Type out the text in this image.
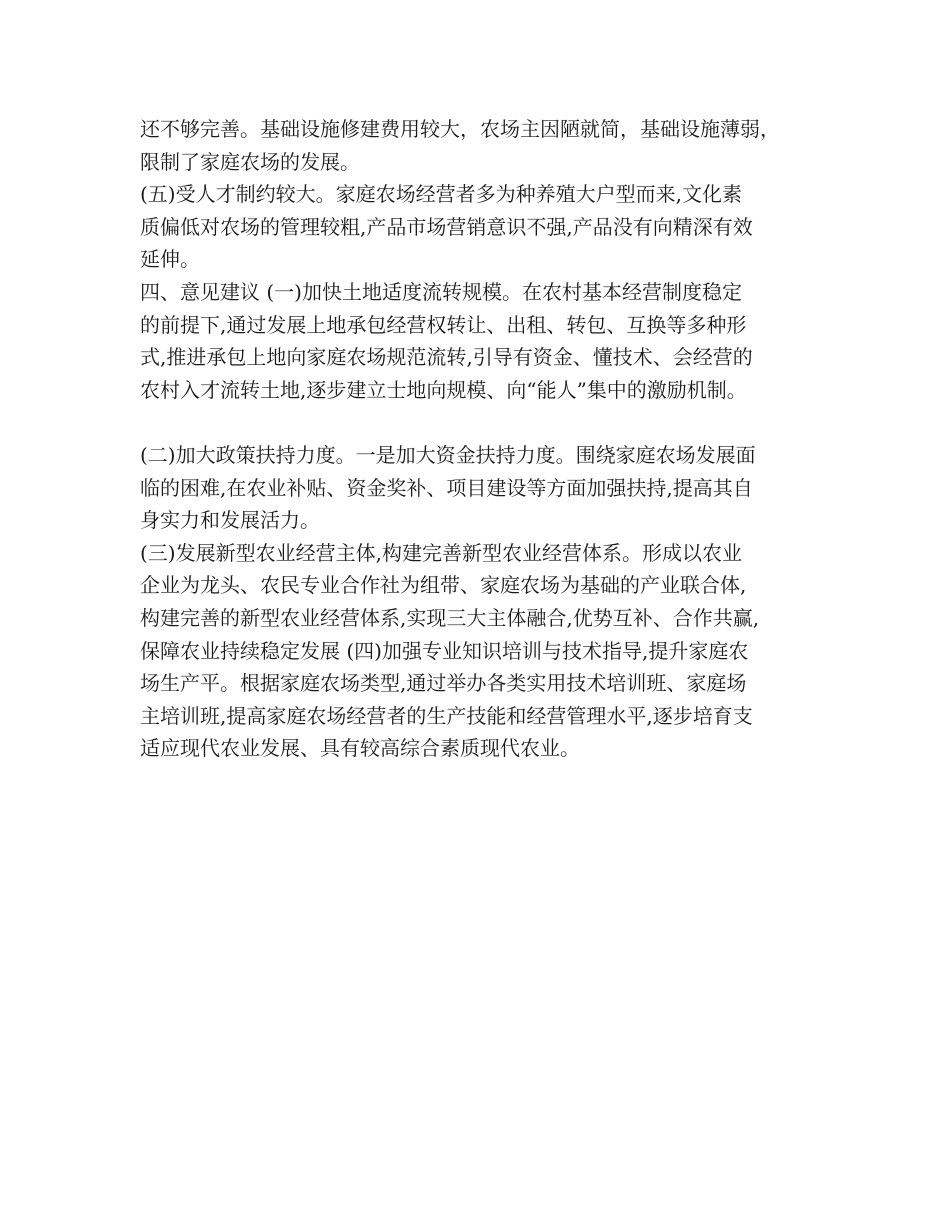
还不够完善。基础设施修建费用较大，农场主因陋就简，基础设施薄弱，
限制了家庭农场的发展。
(五)受人才制约较大。家庭农场经营者多为种养殖大户型而来,文化素
质偏低对农场的管理较粗,产品市场营销意识不强,产品没有向精深有效
延伸。
四、意见建议 (一)加快土地适度流转规模。在农村基本经营制度稳定
的前提下,通过发展上地承包经营权转让、出租、转包、互换等多种形
式,推进承包上地向家庭农场规范流转,引导有资金、懂技术、会经营的
农村入才流转土地,逐步建立士地向规模、向“能人”集中的激励机制。
(二)加大政策扶持力度。一是加大资金扶持力度。围绕家庭农场发展面
临的困难,在农业补贴、资金奖补、项目建设等方面加强扶持,提高其自
身实力和发展活力。
(三)发展新型农业经营主体,构建完善新型农业经营体系。形成以农业
企业为龙头、农民专业合作社为组带、家庭农场为基础的产业联合体,
构建完善的新型农业经营体系,实现三大主体融合,优势互补、合作共赢,
保障农业持续稳定发展 (四)加强专业知识培训与技术指导,提升家庭农
场生产平。根据家庭农场类型,通过举办各类实用技术培训班、家庭场
主培训班,提高家庭农场经营者的生产技能和经营管理水平,逐步培育支
适应现代农业发展、具有较高综合素质现代农业。
